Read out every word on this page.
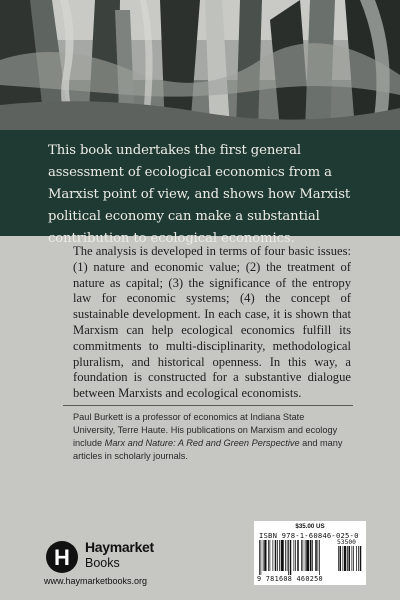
This book undertakes the first general assessment of ecological economics from a Marxist point of view, and shows how Marxist political economy can make a substantial contribution to ecological economics.

The analysis is developed in terms of four basic issues: (1) nature and economic value; (2) the treatment of nature as capital; (3) the significance of the entropy law for economic systems; (4) the concept of sustainable development. In each case, it is shown that Marxism can help ecological economics fulfill its commitments to multi-disciplinarity, methodological pluralism, and historical openness. In this way, a foundation is constructed for a substantive dialogue between Marxists and ecological economists.

Paul Burkett is a professor of economics at Indiana State University, Terre Haute. His publications on Marxism and ecology include Marx and Nature: A Red and Green Perspective and many articles in scholarly journals.

H Haymarket
Books
www.haymarketbooks.org
$35.00 US
ISBN 978-1-60846-025-0
53500
9 781608 460250
